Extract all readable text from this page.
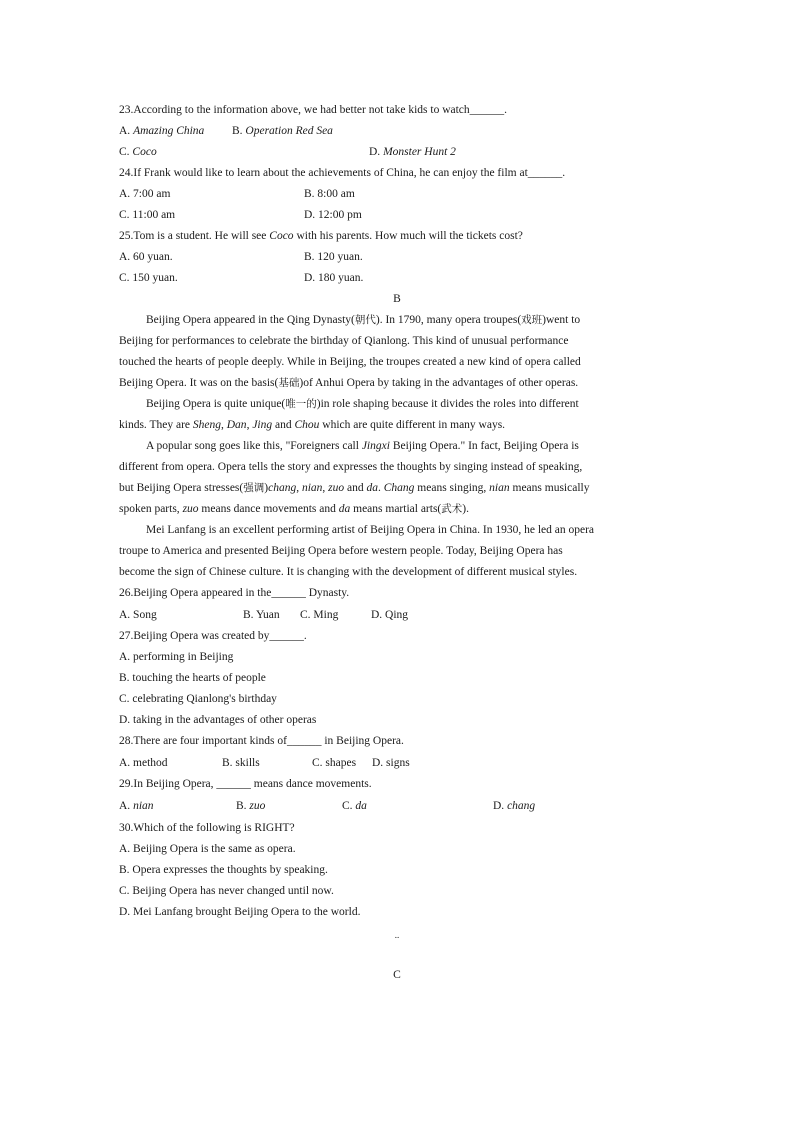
23.According to the information above, we had better not take kids to watch______.
A. Amazing China B. Operation Red Sea
C. Coco	D. Monster Hunt 2
24.If Frank would like to learn about the achievements of China, he can enjoy the film at______.
A. 7:00 am	B. 8:00 am
C. 11:00 am	D. 12:00 pm
25.Tom is a student. He will see Coco with his parents. How much will the tickets cost?
A. 60 yuan.	B. 120 yuan.
C. 150 yuan.	D. 180 yuan.
B
Beijing Opera appeared in the Qing Dynasty(朝代). In 1790, many opera troupes(戏班)went to
Beijing for performances to celebrate the birthday of Qianlong. This kind of unusual performance
touched the hearts of people deeply. While in Beijing, the troupes created a new kind of opera called
Beijing Opera. It was on the basis(基础)of Anhui Opera by taking in the advantages of other operas.
Beijing Opera is quite unique(唯一的)in role shaping because it divides the roles into different
kinds. They are Sheng, Dan, Jing and Chou which are quite different in many ways.
A popular song goes like this, "Foreigners call Jingxi Beijing Opera." In fact, Beijing Opera is
different from opera. Opera tells the story and expresses the thoughts by singing instead of speaking,
but Beijing Opera stresses(强调)chang, nian, zuo and da. Chang means singing, nian means musically
spoken parts, zuo means dance movements and da means martial arts(武术).
Mei Lanfang is an excellent performing artist of Beijing Opera in China. In 1930, he led an opera
troupe to America and presented Beijing Opera before western people. Today, Beijing Opera has
become the sign of Chinese culture. It is changing with the development of different musical styles.
26.Beijing Opera appeared in the______ Dynasty.
A. Song	B. Yuan C. Ming	D. Qing
27.Beijing Opera was created by______.
A. performing in Beijing
B. touching the hearts of people
C. celebrating Qianlong's birthday
D. taking in the advantages of other operas
28.There are four important kinds of______ in Beijing Opera.
A. method	B. skills	C. shapes D. signs
29.In Beijing Opera, ______ means dance movements.
A. nian	B. zuo	C. da	D. chang
30.Which of the following is RIGHT?
A. Beijing Opera is the same as opera.
B. Opera expresses the thoughts by speaking.
C. Beijing Opera has never changed until now.
D. Mei Lanfang brought Beijing Opera to the world.
..
C
